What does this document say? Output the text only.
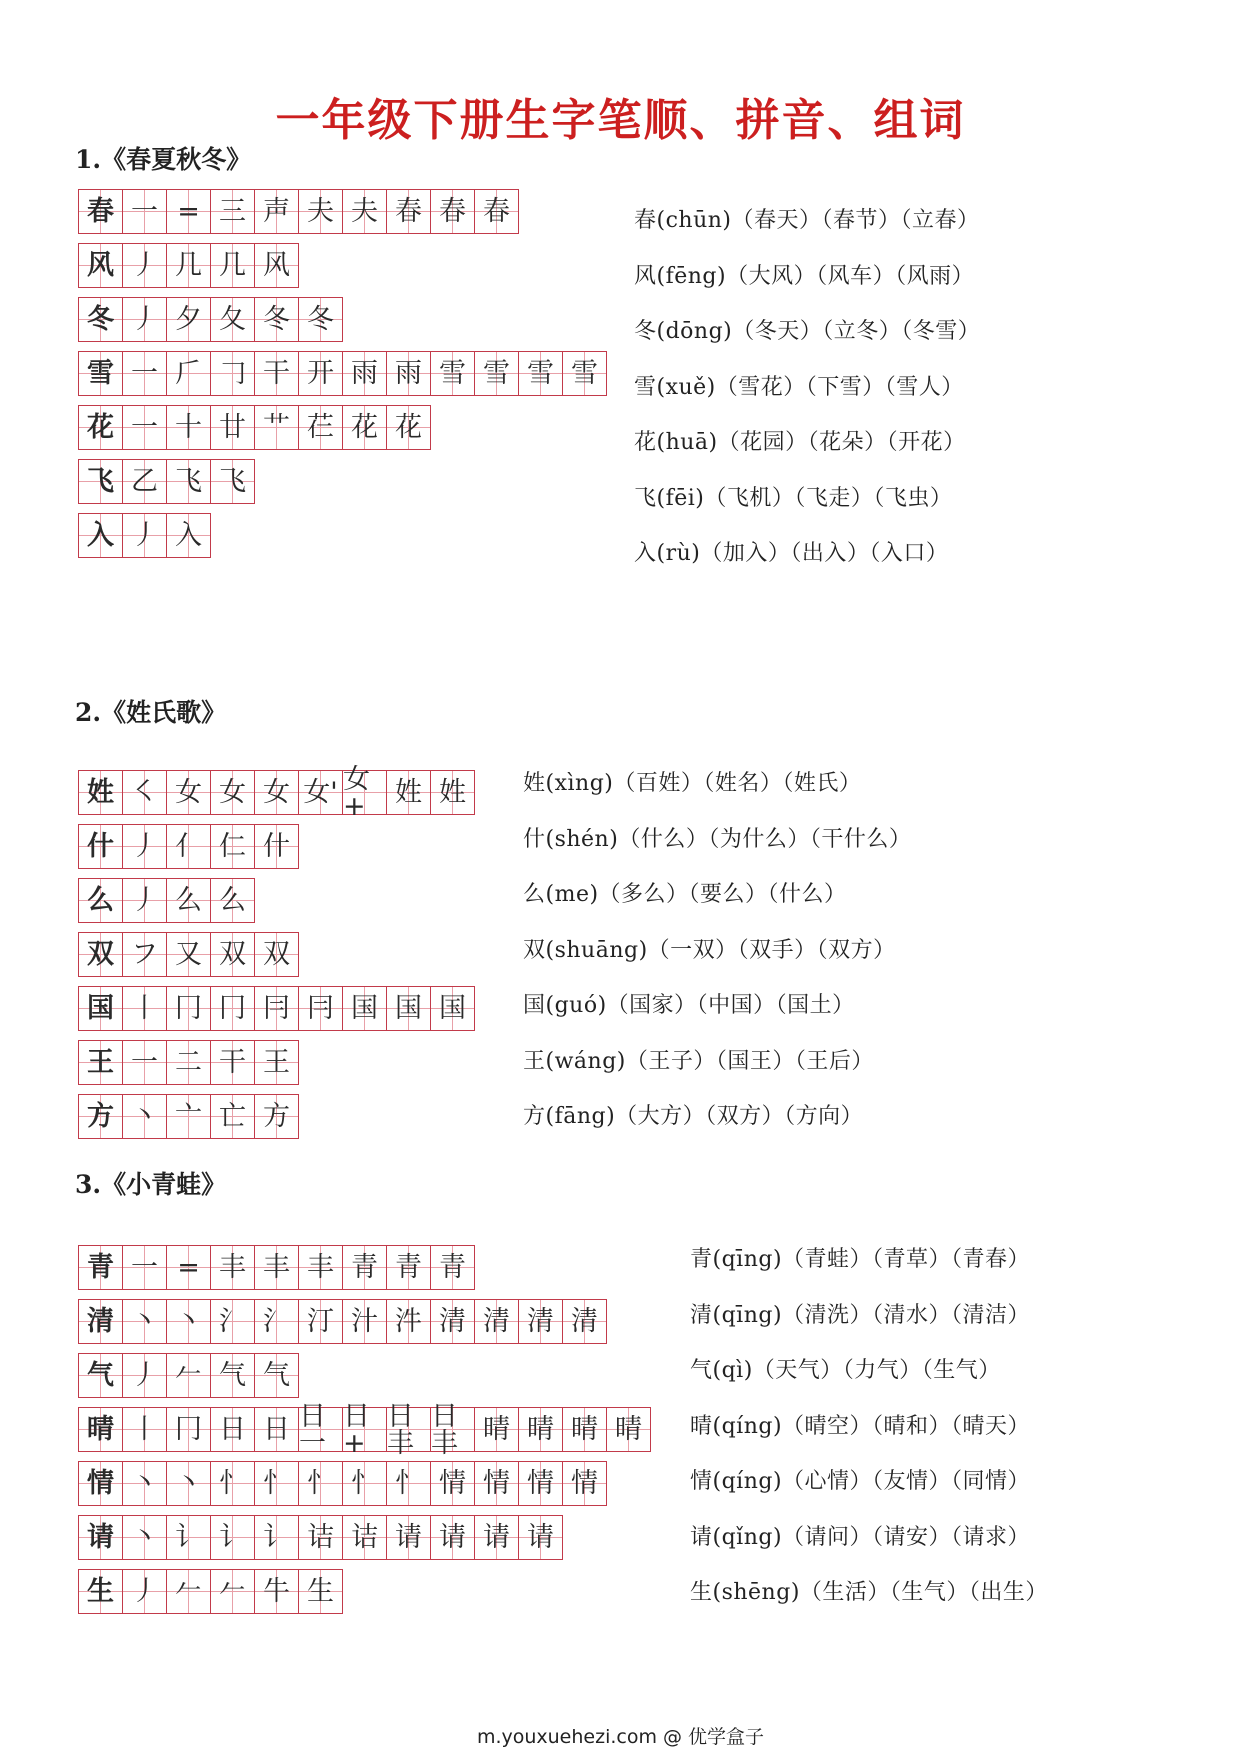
一年级下册生字笔顺、拼音、组词
1.《春夏秋冬》
春 一 = 三 声 夫 夫 春 春 春
风 丿 几 几 风
冬 丿 夕 夂 冬 冬
雪 一 𠂆 𠃌 干 开 雨 雨 雪 雪 雪 雪
花 一 十 廿 艹 芢 花 花
飞 乙 飞 飞
入 丿 入
春(chūn)（春天）（春节）（立春）
风(fēng)（大风）（风车）（风雨）
冬(dōng)（冬天）（立冬）（冬雪）
雪(xuě)（雪花）（下雪）（雪人）
花(huā)（花园）（花朵）（开花）
飞(fēi)（飞机）（飞走）（飞虫）
入(rù)（加入）（出入）（入口）
2.《姓氏歌》
姓 ㇛ 女 女 女 女' 女+	姓 姓
什 丿 亻 仁 什
么 丿 么 么
双 フ 又 双 双
国 丨 冂 冂 冃 冃 国 国 国
王 一 二 干 王
方 丶 亠 亡 方
姓(xìng)（百姓）（姓名）（姓氏）
什(shén)（什么）（为什么）（干什么）
么(me)（多么）（要么）（什么）
双(shuāng)（一双）（双手）（双方）
国(guó)（国家）（中国）（国土）
王(wáng)（王子）（国王）（王后）
方(fāng)（大方）（双方）（方向）
3.《小青蛙》
青 一 = 丰 丰 丰 青 青 青
清 丶 丶 氵 氵 汀 汁 汼 清 清 清 清
气 丿 𠂉 气 气
晴 丨 冂 日 日 日一
日+
日丰
日丰 晴 晴 晴 晴
情 丶 丶 忄 忄 忄 忄 忄 情 情 情 情
请 丶 讠 讠 讠 诘 诘 请 请 请 请
生 丿 𠂉 𠂉 牛 生
青(qīng)（青蛙）（青草）（青春）
清(qīng)（清洗）（清水）（清洁）
气(qì)（天气）（力气）（生气）
晴(qíng)（晴空）（晴和）（晴天）
情(qíng)（心情）（友情）（同情）
请(qǐng)（请问）（请安）（请求）
生(shēng)（生活）（生气）（出生）
m.youxuehezi.com @ 优学盒子
